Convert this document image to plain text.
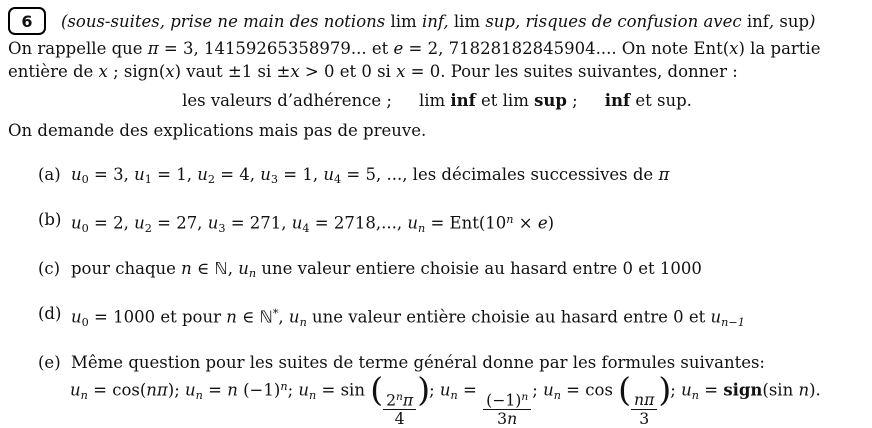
6	(sous-suites, prise ne main des notions lim inf, lim sup, risques de confusion avec inf, sup)
On rappelle que π = 3, 14159265358979... et e = 2, 71828182845904.... On note Ent(x) la partie
entière de x ; sign(x) vaut ±1 si ±x > 0 et 0 si x = 0. Pour les suites suivantes, donner :
les valeurs d’adhérence ; lim inf et lim sup ; inf et sup.
On demande des explications mais pas de preuve.
(a) u0 = 3, u1 = 1, u2 = 4, u3 = 1, u4 = 5, ..., les décimales successives de π
(b) u0 = 2, u2 = 27, u3 = 271, u4 = 2718,..., un = $Ent(10^n \times e)$
(c) pour chaque n ∈ ℕ, un une valeur entiere choisie au hasard entre 0 et 1000
(d) u0 = 1000 et pour n ∈ ℕ*, un une valeur entière choisie au hasard entre 0 et un−1
(e) Même question pour les suites de terme général donne par les formules suivantes:
un = cos(nπ); un = n $(-1)^n$; un = sin (
$\frac{2^n\pi}{4}$
); un =
$\frac{(-1)^n}{3n}$
; un = cos (
$\frac{n\pi}{3}$
); un = sign(sin n).
